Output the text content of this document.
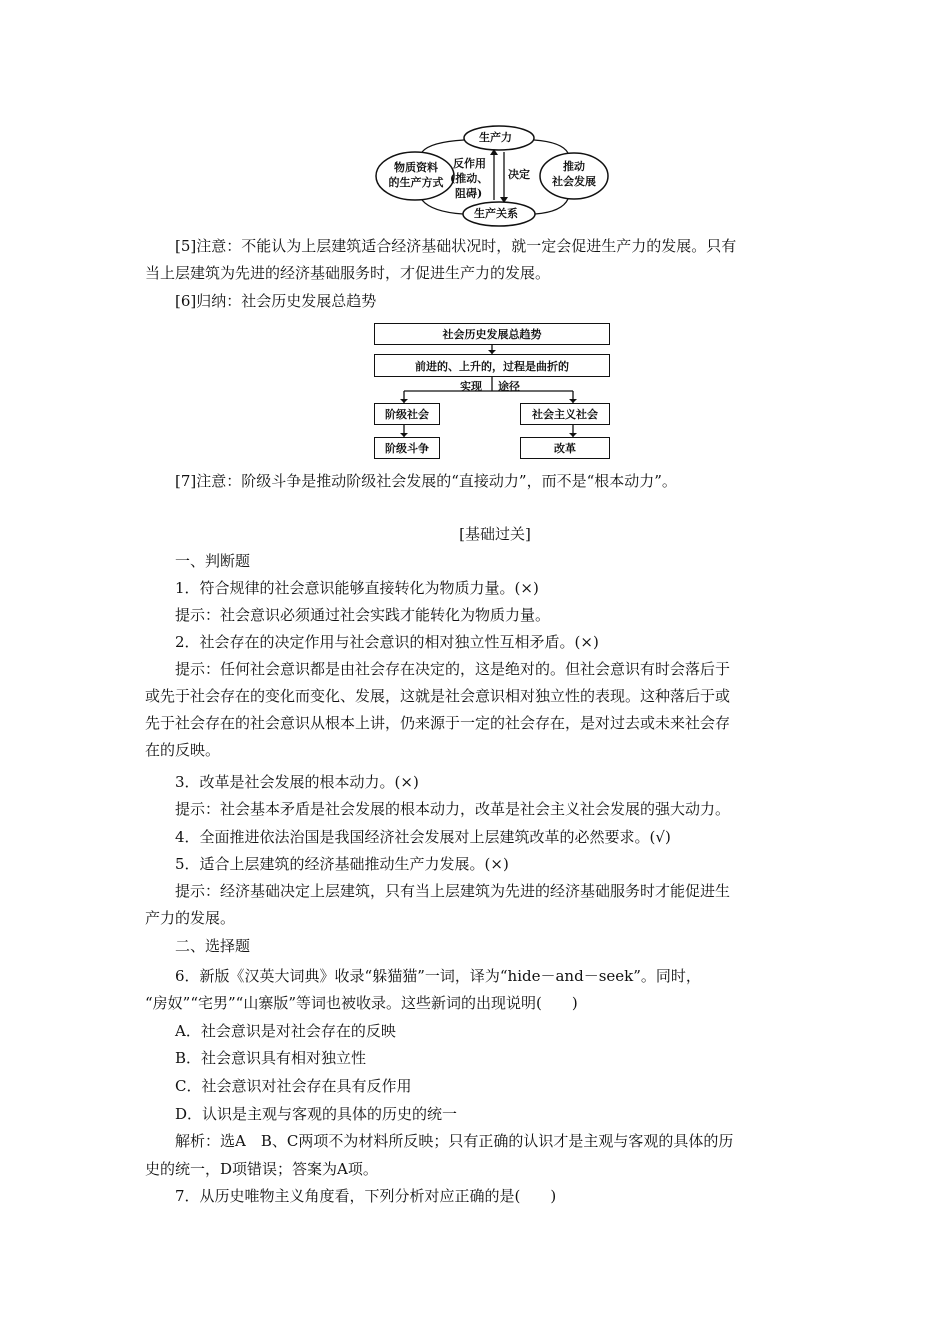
生产力
生产关系
物质资料
的生产方式
推动
社会发展
反作用
(推动、
阻碍)
决定
[5]注意：不能认为上层建筑适合经济基础状况时，就一定会促进生产力的发展。只有
当上层建筑为先进的经济基础服务时，才促进生产力的发展。
[6]归纳：社会历史发展总趋势
社会历史发展总趋势
前进的、上升的，过程是曲折的
实现 途径
阶级社会
阶级斗争
社会主义社会
改革
[7]注意：阶级斗争是推动阶级社会发展的“直接动力”，而不是“根本动力”。
[基础过关]
一、判断题
1．符合规律的社会意识能够直接转化为物质力量。(×)
提示：社会意识必须通过社会实践才能转化为物质力量。
2．社会存在的决定作用与社会意识的相对独立性互相矛盾。(×)
提示：任何社会意识都是由社会存在决定的，这是绝对的。但社会意识有时会落后于
或先于社会存在的变化而变化、发展，这就是社会意识相对独立性的表现。这种落后于或
先于社会存在的社会意识从根本上讲，仍来源于一定的社会存在，是对过去或未来社会存
在的反映。
3．改革是社会发展的根本动力。(×)
提示：社会基本矛盾是社会发展的根本动力，改革是社会主义社会发展的强大动力。
4．全面推进依法治国是我国经济社会发展对上层建筑改革的必然要求。(√)
5．适合上层建筑的经济基础推动生产力发展。(×)
提示：经济基础决定上层建筑，只有当上层建筑为先进的经济基础服务时才能促进生
产力的发展。
二、选择题
6．新版《汉英大词典》收录“躲猫猫”一词，译为“hide－and－seek”。同时，
“房奴”“宅男”“山寨版”等词也被收录。这些新词的出现说明(　　)
A．社会意识是对社会存在的反映
B．社会意识具有相对独立性
C．社会意识对社会存在具有反作用
D．认识是主观与客观的具体的历史的统一
解析：选A　B、C两项不为材料所反映；只有正确的认识才是主观与客观的具体的历
史的统一，D项错误；答案为A项。
7．从历史唯物主义角度看，下列分析对应正确的是(　　)
